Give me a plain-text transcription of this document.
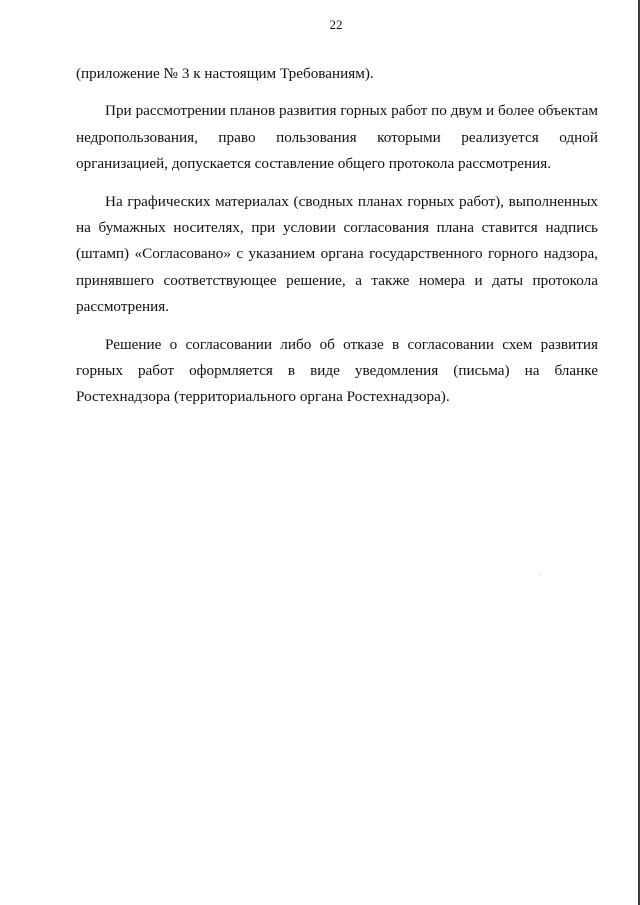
22

(приложение № 3 к настоящим Требованиям).

При рассмотрении планов развития горных работ по двум и более объектам недропользования, право пользования которыми реализуется одной организацией, допускается составление общего протокола рассмотрения.

На графических материалах (сводных планах горных работ), выполненных на бумажных носителях, при условии согласования плана ставится надпись (штамп) «Согласовано» с указанием органа государственного горного надзора, принявшего соответствующее решение, а также номера и даты протокола рассмотрения.

Решение о согласовании либо об отказе в согласовании схем развития горных работ оформляется в виде уведомления (письма) на бланке Ростехнадзора (территориального органа Ростехнадзора).
